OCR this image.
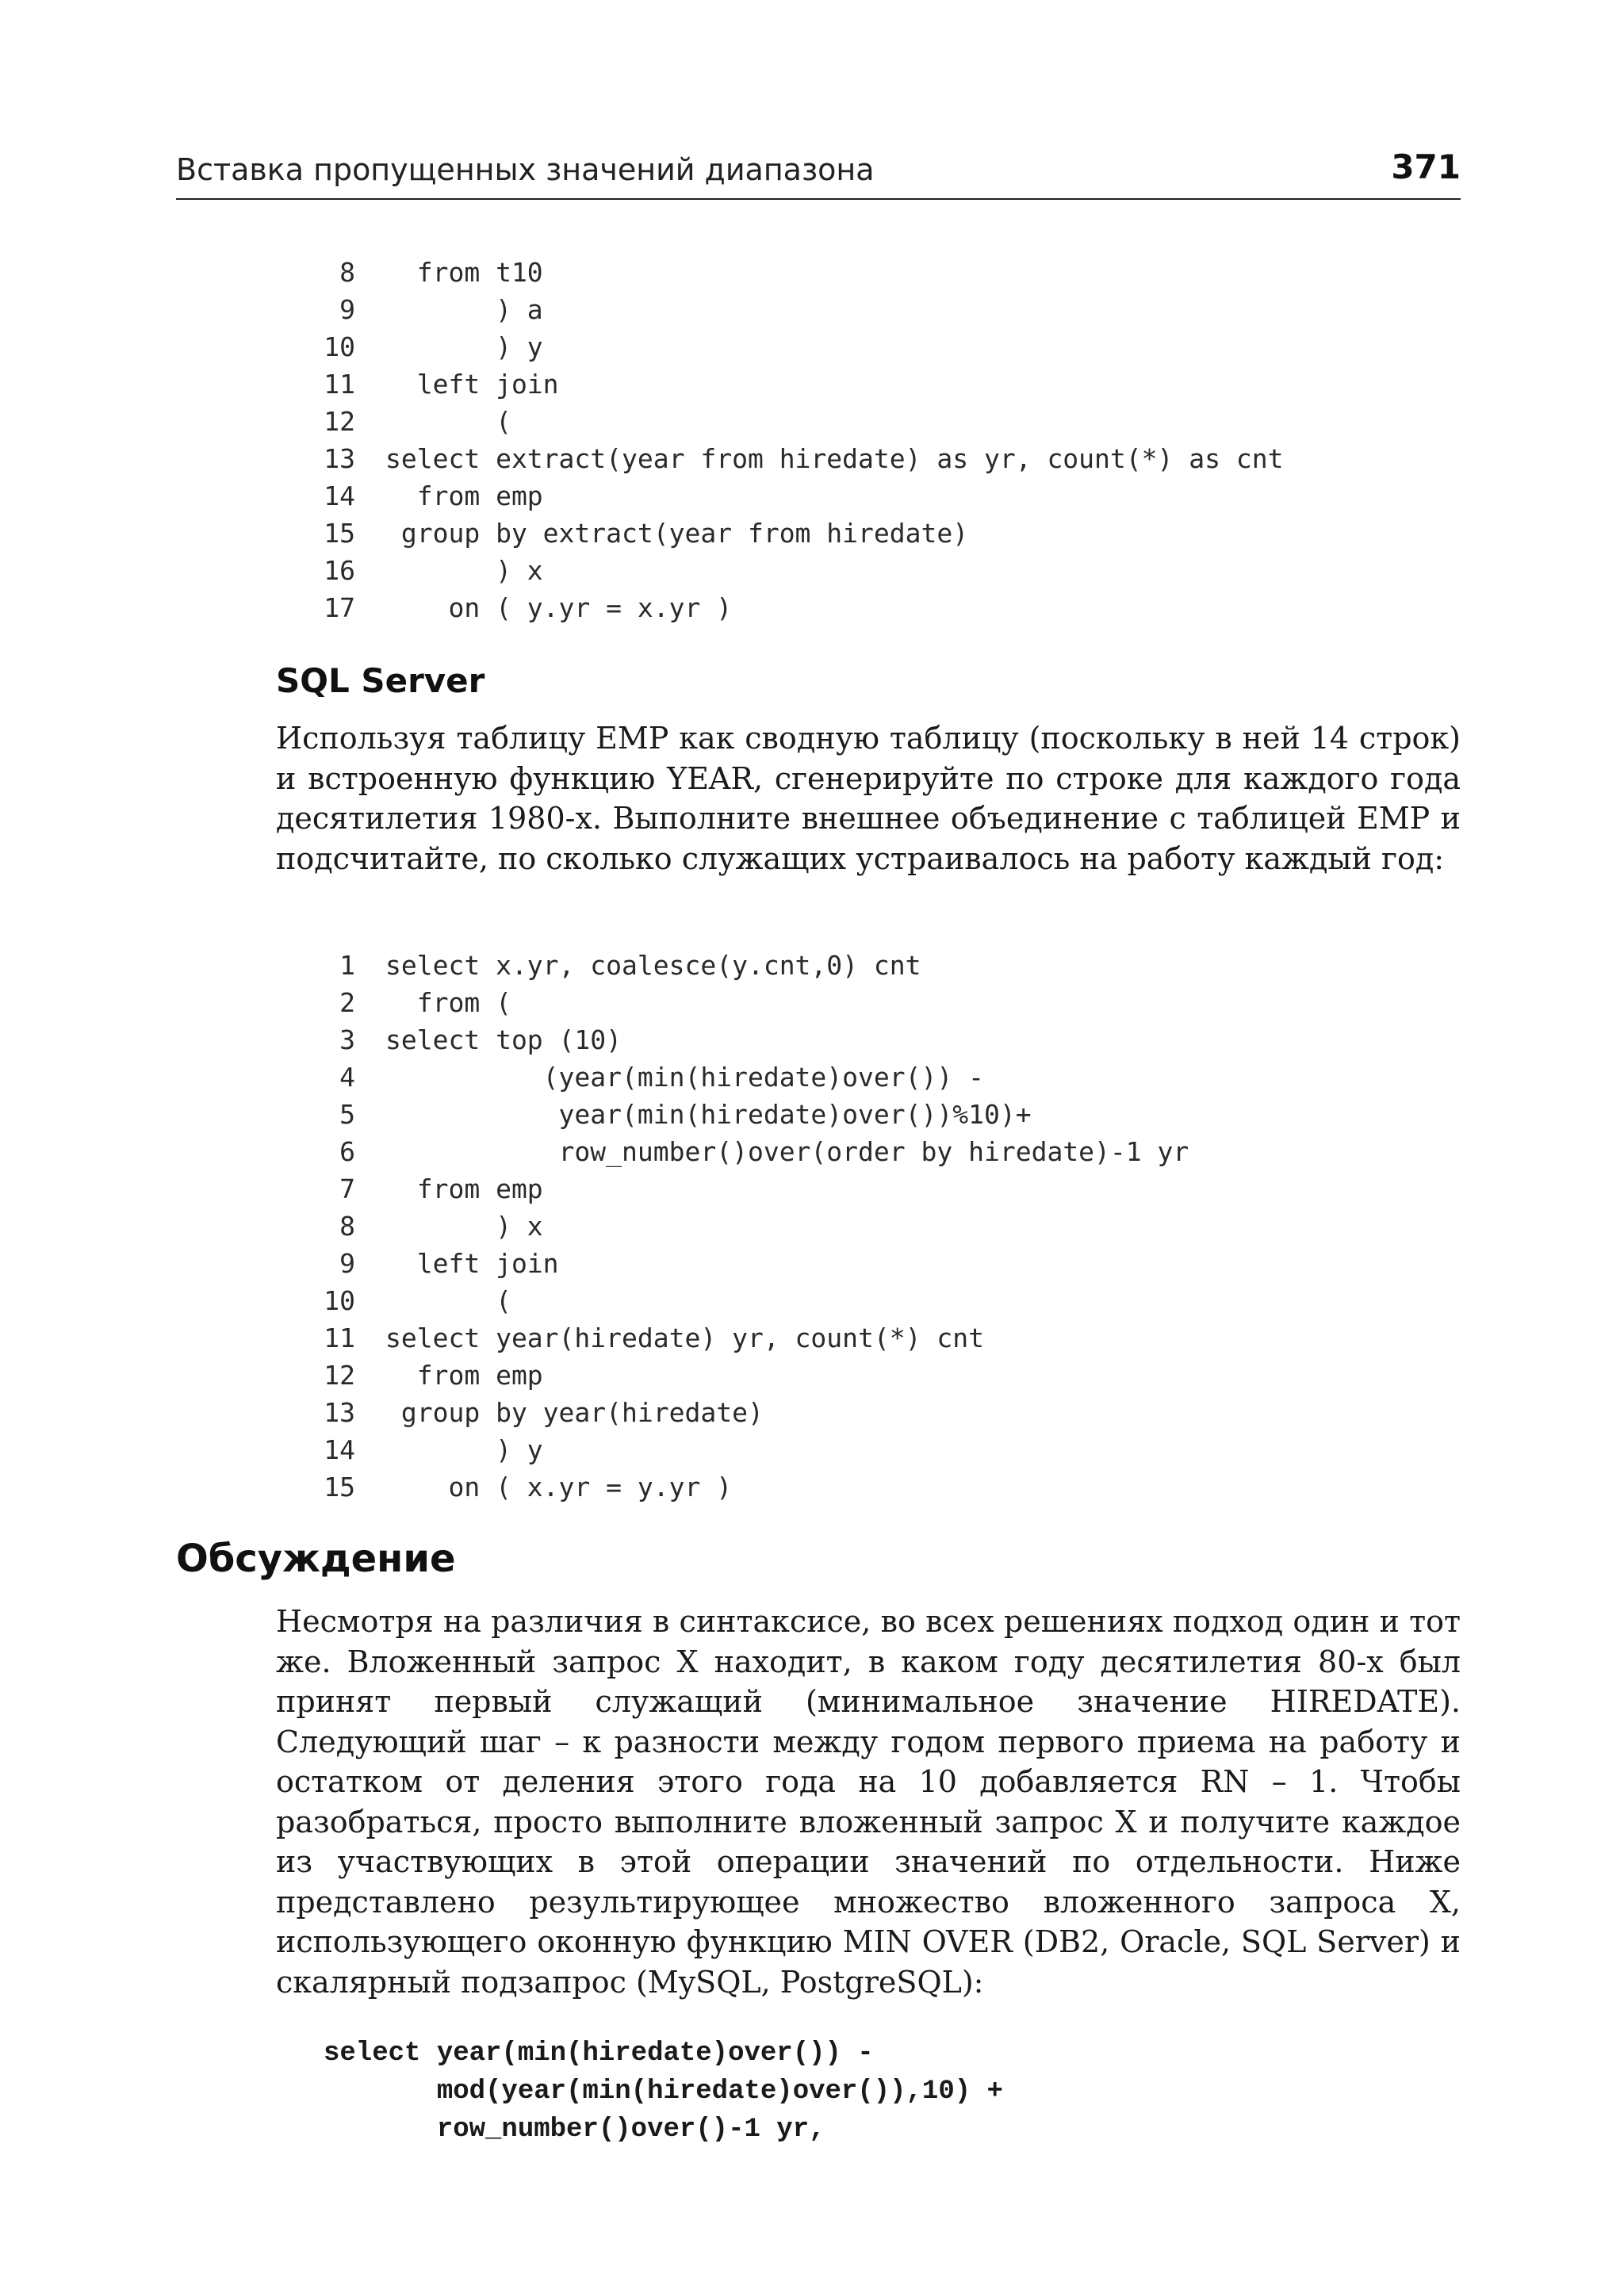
Вставка пропущенных значений диапазона	371
8 from t10
9 ) a
10 ) y
11 left join
12 (
13 select extract(year from hiredate) as yr, count(*) as cnt
14 from emp
15 group by extract(year from hiredate)
16 ) x
17 on ( y.yr = x.yr )
SQL Server

Используя таблицу EMP как сводную таблицу (поскольку в ней 14 строк) и встроенную функцию YEAR, сгенерируйте по строке для каждого года десятилетия 1980-х. Выполните внешнее объединение с таблицей EMP и подсчитайте, по сколько служащих устраивалось на работу каждый год:

1 select x.yr, coalesce(y.cnt,0) cnt
2 from (
3 select top (10)
4 (year(min(hiredate)over()) -
5 year(min(hiredate)over())%10)+
6 row_number()over(order by hiredate)-1 yr
7 from emp
8 ) x
9 left join
10 (
11 select year(hiredate) yr, count(*) cnt
12 from emp
13 group by year(hiredate)
14 ) y
15 on ( x.yr = y.yr )
Обсуждение

Несмотря на различия в синтаксисе, во всех решениях подход один и тот же. Вложенный запрос X находит, в каком году десятилетия 80-х был принят первый служащий (минимальное значение HIREDATE). Следующий шаг – к разности между годом первого приема на работу и остатком от деления этого года на 10 добавляется RN – 1. Чтобы разобраться, просто выполните вложенный запрос X и получите каждое из участвующих в этой операции значений по отдельности. Ниже представлено результирующее множество вложенного запроса X, использующего оконную функцию MIN OVER (DB2, Oracle, SQL Server) и скалярный подзапрос (MySQL, PostgreSQL):

select year(min(hiredate)over()) -
mod(year(min(hiredate)over()),10) +
row_number()over()-1 yr,
